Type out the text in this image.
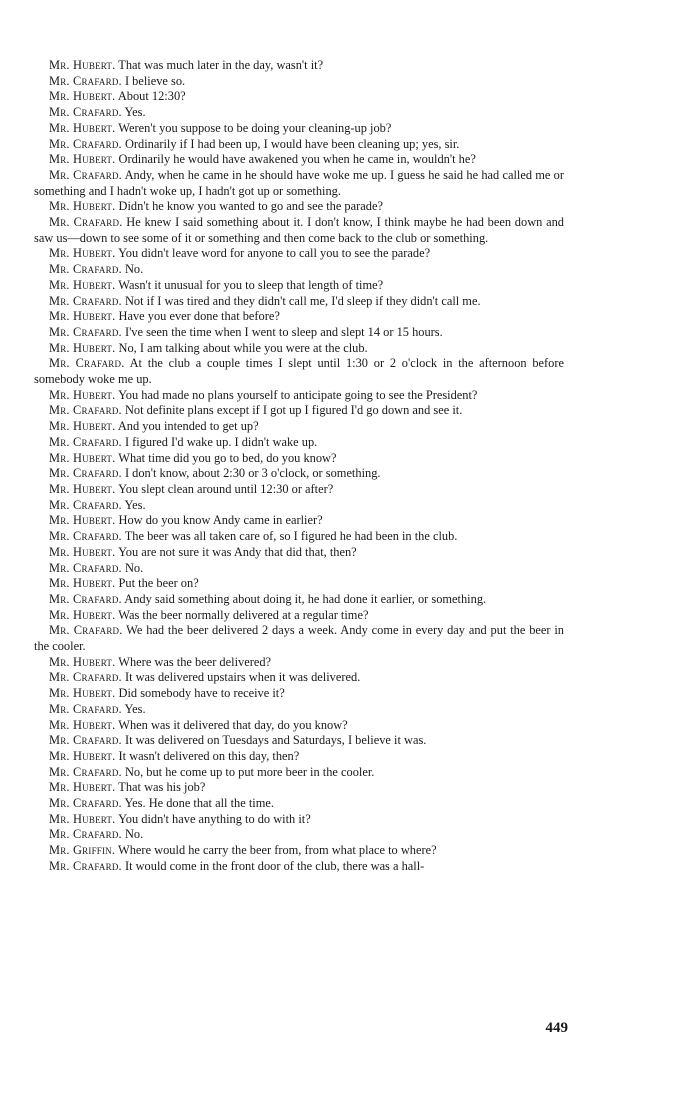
Mr. Hubert. That was much later in the day, wasn't it?

Mr. Crafard. I believe so.

Mr. Hubert. About 12:30?

Mr. Crafard. Yes.

Mr. Hubert. Weren't you suppose to be doing your cleaning-up job?

Mr. Crafard. Ordinarily if I had been up, I would have been cleaning up; yes, sir.

Mr. Hubert. Ordinarily he would have awakened you when he came in, wouldn't he?

Mr. Crafard. Andy, when he came in he should have woke me up. I guess he said he had called me or something and I hadn't woke up, I hadn't got up or something.

Mr. Hubert. Didn't he know you wanted to go and see the parade?

Mr. Crafard. He knew I said something about it. I don't know, I think maybe he had been down and saw us—down to see some of it or something and then come back to the club or something.

Mr. Hubert. You didn't leave word for anyone to call you to see the parade?

Mr. Crafard. No.

Mr. Hubert. Wasn't it unusual for you to sleep that length of time?

Mr. Crafard. Not if I was tired and they didn't call me, I'd sleep if they didn't call me.

Mr. Hubert. Have you ever done that before?

Mr. Crafard. I've seen the time when I went to sleep and slept 14 or 15 hours.

Mr. Hubert. No, I am talking about while you were at the club.

Mr. Crafard. At the club a couple times I slept until 1:30 or 2 o'clock in the afternoon before somebody woke me up.

Mr. Hubert. You had made no plans yourself to anticipate going to see the President?

Mr. Crafard. Not definite plans except if I got up I figured I'd go down and see it.

Mr. Hubert. And you intended to get up?

Mr. Crafard. I figured I'd wake up. I didn't wake up.

Mr. Hubert. What time did you go to bed, do you know?

Mr. Crafard. I don't know, about 2:30 or 3 o'clock, or something.

Mr. Hubert. You slept clean around until 12:30 or after?

Mr. Crafard. Yes.

Mr. Hubert. How do you know Andy came in earlier?

Mr. Crafard. The beer was all taken care of, so I figured he had been in the club.

Mr. Hubert. You are not sure it was Andy that did that, then?

Mr. Crafard. No.

Mr. Hubert. Put the beer on?

Mr. Crafard. Andy said something about doing it, he had done it earlier, or something.

Mr. Hubert. Was the beer normally delivered at a regular time?

Mr. Crafard. We had the beer delivered 2 days a week. Andy come in every day and put the beer in the cooler.

Mr. Hubert. Where was the beer delivered?

Mr. Crafard. It was delivered upstairs when it was delivered.

Mr. Hubert. Did somebody have to receive it?

Mr. Crafard. Yes.

Mr. Hubert. When was it delivered that day, do you know?

Mr. Crafard. It was delivered on Tuesdays and Saturdays, I believe it was.

Mr. Hubert. It wasn't delivered on this day, then?

Mr. Crafard. No, but he come up to put more beer in the cooler.

Mr. Hubert. That was his job?

Mr. Crafard. Yes. He done that all the time.

Mr. Hubert. You didn't have anything to do with it?

Mr. Crafard. No.

Mr. Griffin. Where would he carry the beer from, from what place to where?

Mr. Crafard. It would come in the front door of the club, there was a hall-

449
